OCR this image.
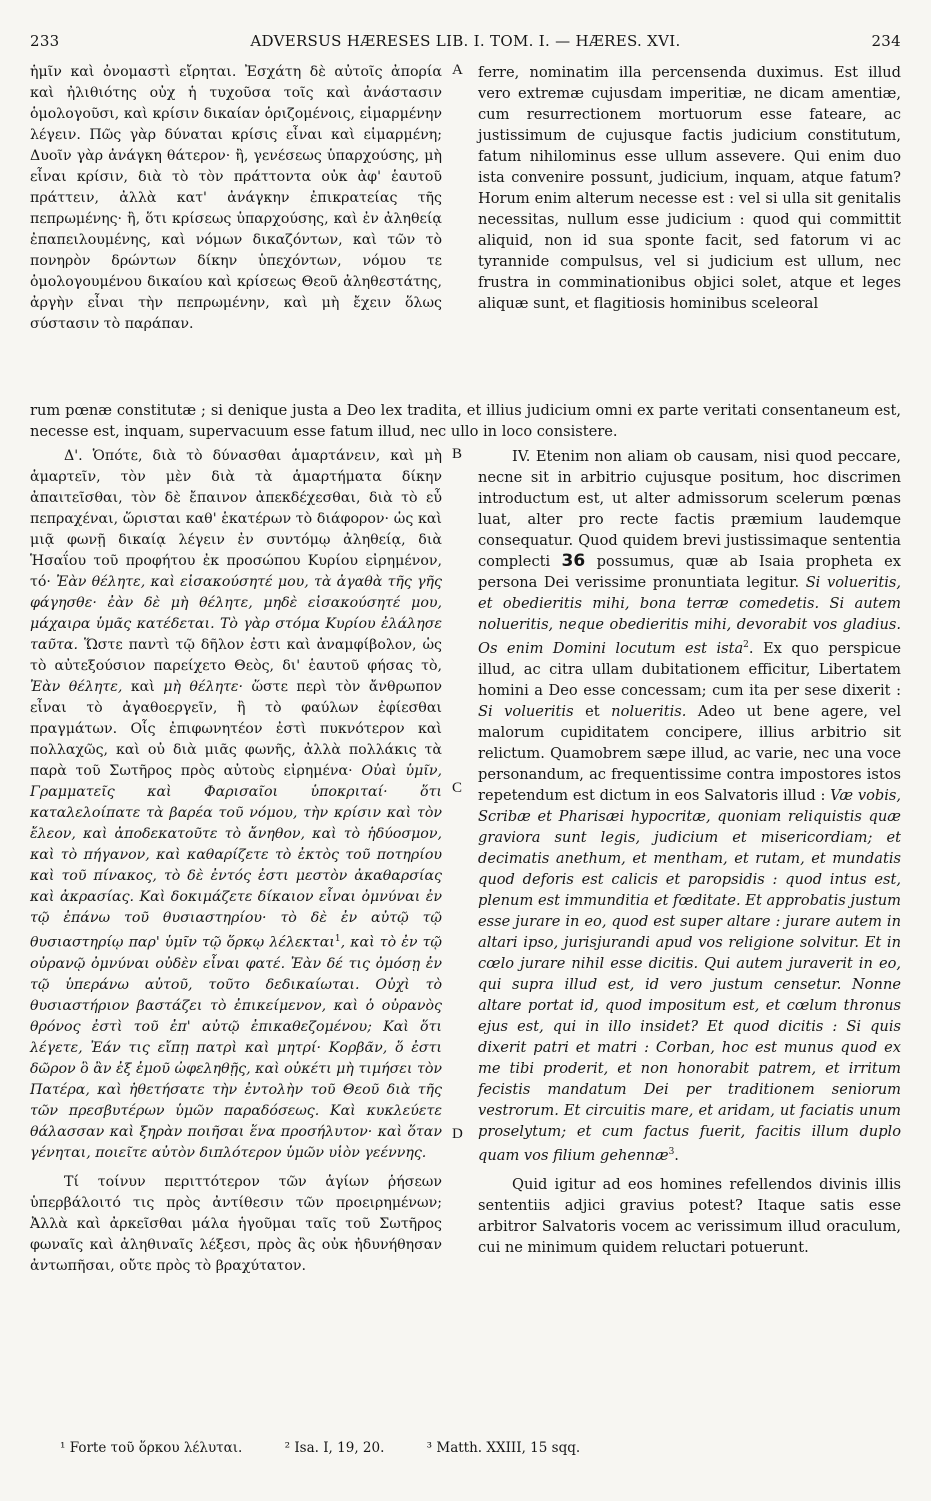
233	ADVERSUS HÆRESES LIB. I. TOM. I. — HÆRES. XVI.	234

ἡμῖν καὶ ὀνομαστὶ εἴρηται. Ἐσχάτη δὲ αὐτοῖς ἀπορία καὶ ἠλιθιότης οὐχ ἡ τυχοῦσα τοῖς καὶ ἀνάστασιν ὁμολογοῦσι, καὶ κρίσιν δικαίαν ὁριζομένοις, εἱμαρμένην λέγειν. Πῶς γὰρ δύναται κρίσις εἶναι καὶ εἱμαρμένη; Δυοῖν γὰρ ἀνάγκη θάτερον· ἢ, γενέσεως ὑπαρχούσης, μὴ εἶναι κρίσιν, διὰ τὸ τὸν πράττοντα οὐκ ἀφ' ἑαυτοῦ πράττειν, ἀλλὰ κατ' ἀνάγκην ἐπικρατείας τῆς πεπρωμένης· ἢ, ὅτι κρίσεως ὑπαρχούσης, καὶ ἐν ἀληθείᾳ ἐπαπειλουμένης, καὶ νόμων δικαζόντων, καὶ τῶν τὸ πονηρὸν δρώντων δίκην ὑπεχόντων, νόμου τε ὁμολογουμένου δικαίου καὶ κρίσεως Θεοῦ ἀληθεστάτης, ἀργὴν εἶναι τὴν πεπρωμένην, καὶ μὴ ἔχειν ὅλως σύστασιν τὸ παράπαν.

A ferre, nominatim illa percensenda duximus. Est illud vero extremæ cujusdam imperitiæ, ne dicam amentiæ, cum resurrectionem mortuorum esse fateare, ac justissimum de cujusque factis judicium constitutum, fatum nihilominus esse ullum assevere. Qui enim duo ista convenire possunt, judicium, inquam, atque fatum? Horum enim alterum necesse est : vel si ulla sit genitalis necessitas, nullum esse judicium : quod qui committit aliquid, non id sua sponte facit, sed fatorum vi ac tyrannide compulsus, vel si judicium est ullum, nec frustra in comminationibus objici solet, atque et leges aliquæ sunt, et flagitiosis hominibus sceleoral

rum pœnæ constitutæ ; si denique justa a Deo lex tradita, et illius judicium omni ex parte veritati consentaneum est, necesse est, inquam, supervacuum esse fatum illud, nec ullo in loco consistere.

Δ'. Ὁπότε, διὰ τὸ δύνασθαι ἁμαρτάνειν, καὶ μὴ ἁμαρτεῖν, τὸν μὲν διὰ τὰ ἁμαρτήματα δίκην ἀπαιτεῖσθαι, τὸν δὲ ἔπαινον ἀπεκδέχεσθαι, διὰ τὸ εὖ πεπραχέναι, ὥρισται καθ' ἑκατέρων τὸ διάφορον· ὡς καὶ μιᾷ φωνῇ δικαίᾳ λέγειν ἐν συντόμῳ ἀληθείᾳ, διὰ Ἡσαΐου τοῦ προφήτου ἐκ προσώπου Κυρίου εἰρημένον, τό· Ἐὰν θέλητε, καὶ εἰσακούσητέ μου, τὰ ἀγαθὰ τῆς γῆς φάγησθε· ἐὰν δὲ μὴ θέλητε, μηδὲ εἰσακούσητέ μου, μάχαιρα ὑμᾶς κατέδεται. Τὸ γὰρ στόμα Κυρίου ἐλάλησε ταῦτα. Ὥστε παντὶ τῷ δῆλον ἐστι καὶ ἀναμφίβολον, ὡς τὸ αὐτεξούσιον παρείχετο Θεὸς, δι' ἑαυτοῦ φήσας τὸ, Ἐὰν θέλητε, καὶ μὴ θέλητε· ὥστε περὶ τὸν ἄνθρωπον εἶναι τὸ ἀγαθοεργεῖν, ἢ τὸ φαύλων ἐφίεσθαι πραγμάτων. Οἷς ἐπιφωνητέον ἐστὶ πυκνότερον καὶ πολλαχῶς, καὶ οὐ διὰ μιᾶς φωνῆς, ἀλλὰ πολλάκις τὰ παρὰ τοῦ Σωτῆρος πρὸς αὐτοὺς εἰρημένα· Οὐαὶ ὑμῖν, Γραμματεῖς καὶ Φαρισαῖοι ὑποκριταί· ὅτι καταλελοίπατε τὰ βαρέα τοῦ νόμου, τὴν κρίσιν καὶ τὸν ἔλεον, καὶ ἀποδεκατοῦτε τὸ ἄνηθον, καὶ τὸ ἡδύοσμον, καὶ τὸ πήγανον, καὶ καθαρίζετε τὸ ἐκτὸς τοῦ ποτηρίου καὶ τοῦ πίνακος, τὸ δὲ ἐντός ἐστι μεστὸν ἀκαθαρσίας καὶ ἀκρασίας. Καὶ δοκιμάζετε δίκαιον εἶναι ὀμνύναι ἐν τῷ ἐπάνω τοῦ θυσιαστηρίου· τὸ δὲ ἐν αὐτῷ τῷ θυσιαστηρίῳ παρ' ὑμῖν τῷ ὅρκῳ λέλεκται$^1$, καὶ τὸ ἐν τῷ οὐρανῷ ὀμνύναι οὐδὲν εἶναι φατέ. Ἐὰν δέ τις ὀμόσῃ ἐν τῷ ὑπεράνω αὐτοῦ, τοῦτο δεδικαίωται. Οὐχὶ τὸ θυσιαστήριον βαστάζει τὸ ἐπικείμενον, καὶ ὁ οὐρανὸς θρόνος ἐστὶ τοῦ ἐπ' αὐτῷ ἐπικαθεζομένου; Καὶ ὅτι λέγετε, Ἐάν τις εἴπῃ πατρὶ καὶ μητρί· Κορβᾶν, ὅ ἐστι δῶρον ὃ ἂν ἐξ ἐμοῦ ὠφεληθῇς, καὶ οὐκέτι μὴ τιμήσει τὸν Πατέρα, καὶ ἠθετήσατε τὴν ἐντολὴν τοῦ Θεοῦ διὰ τῆς τῶν πρεσβυτέρων ὑμῶν παραδόσεως. Καὶ κυκλεύετε θάλασσαν καὶ ξηρὰν ποιῆσαι ἕνα προσήλυτον· καὶ ὅταν γένηται, ποιεῖτε αὐτὸν διπλότερον ὑμῶν υἱὸν γεέννης.

Τί τοίνυν περιττότερον τῶν ἁγίων ῥήσεων ὑπερβάλοιτό τις πρὸς ἀντίθεσιν τῶν προειρημένων; Ἀλλὰ καὶ ἀρκεῖσθαι μάλα ἡγοῦμαι ταῖς τοῦ Σωτῆρος φωναῖς καὶ ἀληθιναῖς λέξεσι, πρὸς ἃς οὐκ ἠδυνήθησαν ἀντωπῆσαι, οὔτε πρὸς τὸ βραχύτατον.

B
C
D

IV. Etenim non aliam ob causam, nisi quod peccare, necne sit in arbitrio cujusque positum, hoc discrimen introductum est, ut alter admissorum scelerum pœnas luat, alter pro recte factis præmium laudemque consequatur. Quod quidem brevi justissimaque sententia complecti 36 possumus, quæ ab Isaia propheta ex persona Dei verissime pronuntiata legitur. Si volueritis, et obedieritis mihi, bona terræ comedetis. Si autem nolueritis, neque obedieritis mihi, devorabit vos gladius. Os enim Domini locutum est ista$^2$. Ex quo perspicue illud, ac citra ullam dubitationem efficitur, Libertatem homini a Deo esse concessam; cum ita per sese dixerit : Si volueritis et nolueritis. Adeo ut bene agere, vel malorum cupiditatem concipere, illius arbitrio sit relictum. Quamobrem sæpe illud, ac varie, nec una voce personandum, ac frequentissime contra impostores istos repetendum est dictum in eos Salvatoris illud : Væ vobis, Scribæ et Pharisæi hypocritæ, quoniam reliquistis quæ graviora sunt legis, judicium et misericordiam; et decimatis anethum, et mentham, et rutam, et mundatis quod deforis est calicis et paropsidis : quod intus est, plenum est immunditia et fœditate. Et approbatis justum esse jurare in eo, quod est super altare : jurare autem in altari ipso, jurisjurandi apud vos religione solvitur. Et in cœlo jurare nihil esse dicitis. Qui autem juraverit in eo, qui supra illud est, id vero justum censetur. Nonne altare portat id, quod impositum est, et cœlum thronus ejus est, qui in illo insidet? Et quod dicitis : Si quis dixerit patri et matri : Corban, hoc est munus quod ex me tibi proderit, et non honorabit patrem, et irritum fecistis mandatum Dei per traditionem seniorum vestrorum. Et circuitis mare, et aridam, ut faciatis unum proselytum; et cum factus fuerit, facitis illum duplo quam vos filium gehennæ$^3$.

Quid igitur ad eos homines refellendos divinis illis sententiis adjici gravius potest? Itaque satis esse arbitror Salvatoris vocem ac verissimum illud oraculum, cui ne minimum quidem reluctari potuerunt.

¹ Forte τοῦ ὅρκου λέλυται.	² Isa. I, 19, 20.	³ Matth. XXIII, 15 sqq.
